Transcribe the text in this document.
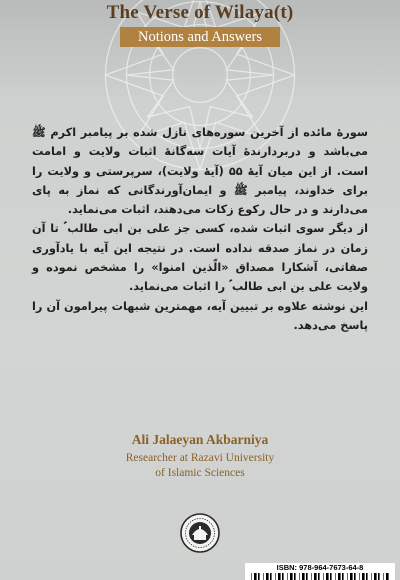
The Verse of Wilaya(t)
Notions and Answers

سورۀ مائده از آخرین سوره‌های نازل شده بر پیامبر اکرم ﷺ می‌باشد و دربردارندۀ آیات سه‌گانۀ اثبات ولایت و امامت است. از این میان آیۀ ۵۵ (آیۀ ولایت)، سرپرستی و ولایت را برای خداوند، پیامبر ﷺ و ایمان‌آورندگانی که نماز به پای می‌دارند و در حال رکوع زکات می‌دهند، اثبات می‌نماید.

از دیگر سوی اثبات شده، کسی جز علی بن ابی طالب ؑ تا آن زمان در نماز صدقه نداده است. در نتیجه این آیه با یادآوری صفاتی، آشکارا مصداق «الّذین امنوا» را مشخص نموده و ولایت علی بن ابی طالب ؑ را اثبات می‌نماید.

این نوشته علاوه بر تبیین آیه، مهمترین شبهات پیرامون آن را پاسخ می‌دهد.

Ali Jalaeyan Akbarniya
Researcher at Razavi University
of Islamic Sciences
ISBN: 978-964-7673-64-8
